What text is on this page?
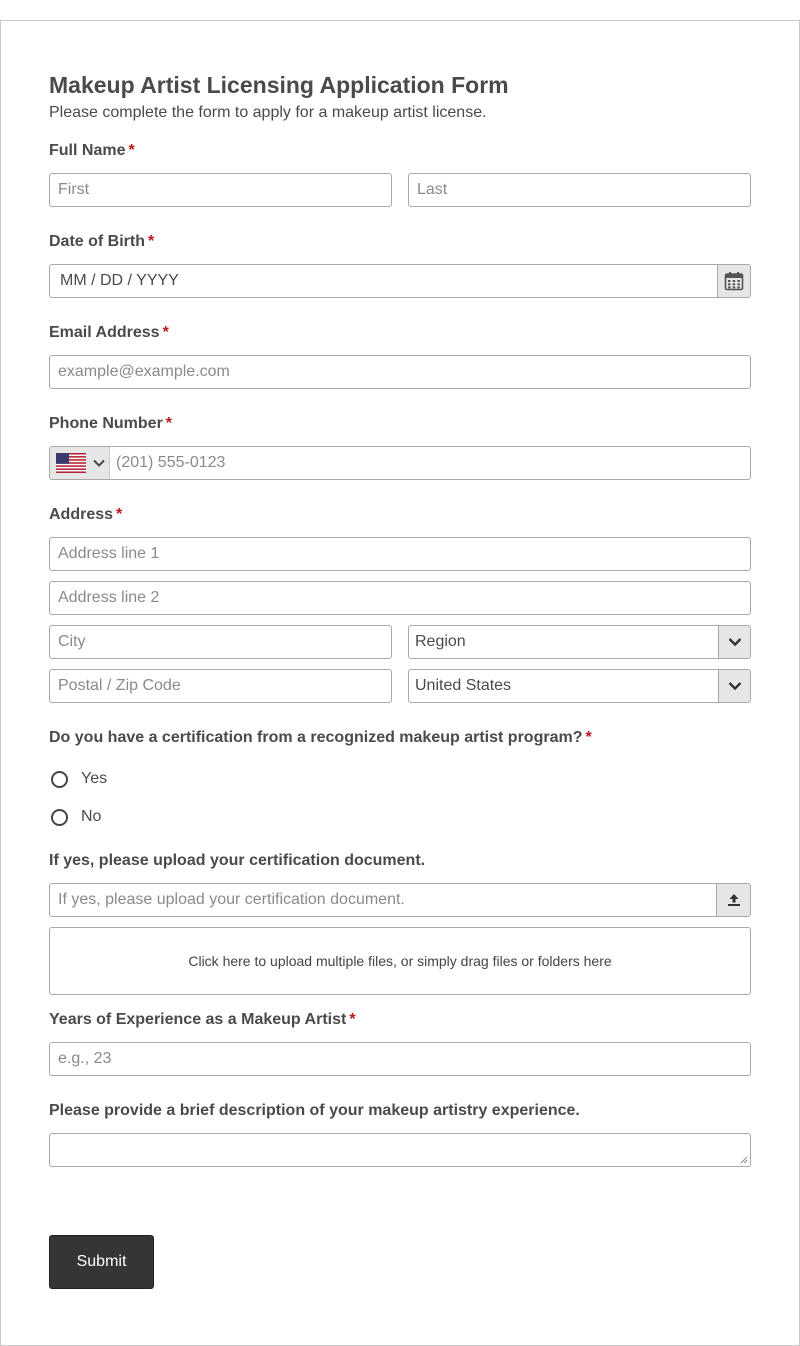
Makeup Artist Licensing Application Form
Please complete the form to apply for a makeup artist license.
Full Name *
First	Last
Date of Birth *
MM / DD / YYYY
Email Address *
example@example.com
Phone Number *
(201) 555-0123
Address *
Address line 1
Address line 2
City	Region
Postal / Zip Code	United States
Do you have a certification from a recognized makeup artist program? *
Yes
No
If yes, please upload your certification document.
If yes, please upload your certification document.
Click here to upload multiple files, or simply drag files or folders here
Years of Experience as a Makeup Artist *
e.g., 23
Please provide a brief description of your makeup artistry experience.
Submit
